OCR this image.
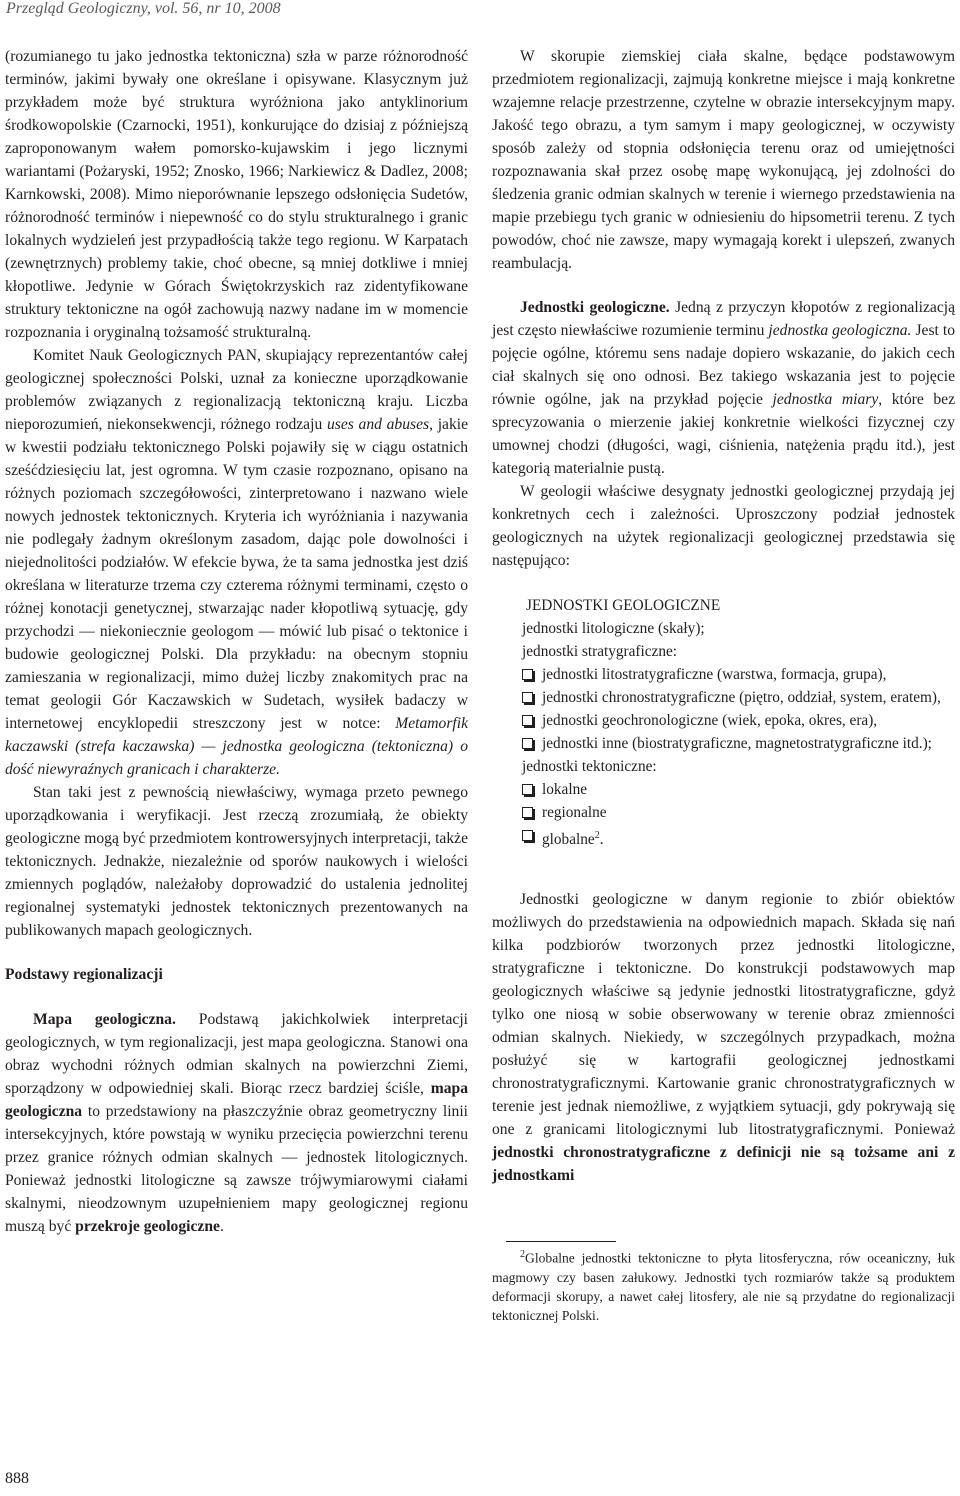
Przegląd Geologiczny, vol. 56, nr 10, 2008

(rozumianego tu jako jednostka tektoniczna) szła w parze różnorodność terminów, jakimi bywały one określane i opisywane. Klasycznym już przykładem może być struktura wyróżniona jako antyklinorium środkowopolskie (Czarnocki, 1951), konkurujące do dzisiaj z późniejszą zaproponowanym wałem pomorsko-kujawskim i jego licznymi wariantami (Pożaryski, 1952; Znosko, 1966; Narkiewicz & Dadlez, 2008; Karnkowski, 2008). Mimo nieporównanie lepszego odsłonięcia Sudetów, różnorodność terminów i niepewność co do stylu strukturalnego i granic lokalnych wydzieleń jest przypadłością także tego regionu. W Karpatach (zewnętrznych) problemy takie, choć obecne, są mniej dotkliwe i mniej kłopotliwe. Jedynie w Górach Świętokrzyskich raz zidentyfikowane struktury tektoniczne na ogół zachowują nazwy nadane im w momencie rozpoznania i oryginalną tożsamość strukturalną.

Komitet Nauk Geologicznych PAN, skupiający reprezentantów całej geologicznej społeczności Polski, uznał za konieczne uporządkowanie problemów związanych z regionalizacją tektoniczną kraju. Liczba nieporozumień, niekonsekwencji, różnego rodzaju uses and abuses, jakie w kwestii podziału tektonicznego Polski pojawiły się w ciągu ostatnich sześćdziesięciu lat, jest ogromna. W tym czasie rozpoznano, opisano na różnych poziomach szczegółowości, zinterpretowano i nazwano wiele nowych jednostek tektonicznych. Kryteria ich wyróżniania i nazywania nie podlegały żadnym określonym zasadom, dając pole dowolności i niejednolitości podziałów. W efekcie bywa, że ta sama jednostka jest dziś określana w literaturze trzema czy czterema różnymi terminami, często o różnej konotacji genetycznej, stwarzając nader kłopotliwą sytuację, gdy przychodzi — niekoniecznie geologom — mówić lub pisać o tektonice i budowie geologicznej Polski. Dla przykładu: na obecnym stopniu zamieszania w regionalizacji, mimo dużej liczby znakomitych prac na temat geologii Gór Kaczawskich w Sudetach, wysiłek badaczy w internetowej encyklopedii streszczony jest w notce: Metamorfik kaczawski (strefa kaczawska) — jednostka geologiczna (tektoniczna) o dość niewyraźnych granicach i charakterze.

Stan taki jest z pewnością niewłaściwy, wymaga przeto pewnego uporządkowania i weryfikacji. Jest rzeczą zrozumiałą, że obiekty geologiczne mogą być przedmiotem kontrowersyjnych interpretacji, także tektonicznych. Jednakże, niezależnie od sporów naukowych i wielości zmiennych poglądów, należałoby doprowadzić do ustalenia jednolitej regionalnej systematyki jednostek tektonicznych prezentowanych na publikowanych mapach geologicznych.

Podstawy regionalizacji

Mapa geologiczna. Podstawą jakichkolwiek interpretacji geologicznych, w tym regionalizacji, jest mapa geologiczna. Stanowi ona obraz wychodni różnych odmian skalnych na powierzchni Ziemi, sporządzony w odpowiedniej skali. Biorąc rzecz bardziej ściśle, mapa geologiczna to przedstawiony na płaszczyźnie obraz geometryczny linii intersekcyjnych, które powstają w wyniku przecięcia powierzchni terenu przez granice różnych odmian skalnych — jednostek litologicznych. Ponieważ jednostki litologiczne są zawsze trójwymiarowymi ciałami skalnymi, nieodzownym uzupełnieniem mapy geologicznej regionu muszą być przekroje geologiczne.

W skorupie ziemskiej ciała skalne, będące podstawowym przedmiotem regionalizacji, zajmują konkretne miejsce i mają konkretne wzajemne relacje przestrzenne, czytelne w obrazie intersekcyjnym mapy. Jakość tego obrazu, a tym samym i mapy geologicznej, w oczywisty sposób zależy od stopnia odsłonięcia terenu oraz od umiejętności rozpoznawania skał przez osobę mapę wykonującą, jej zdolności do śledzenia granic odmian skalnych w terenie i wiernego przedstawienia na mapie przebiegu tych granic w odniesieniu do hipsometrii terenu. Z tych powodów, choć nie zawsze, mapy wymagają korekt i ulepszeń, zwanych reambulacją.

Jednostki geologiczne. Jedną z przyczyn kłopotów z regionalizacją jest często niewłaściwe rozumienie terminu jednostka geologiczna. Jest to pojęcie ogólne, któremu sens nadaje dopiero wskazanie, do jakich cech ciał skalnych się ono odnosi. Bez takiego wskazania jest to pojęcie równie ogólne, jak na przykład pojęcie jednostka miary, które bez sprecyzowania o mierzenie jakiej konkretnie wielkości fizycznej czy umownej chodzi (długości, wagi, ciśnienia, natężenia prądu itd.), jest kategorią materialnie pustą.

W geologii właściwe desygnaty jednostki geologicznej przydają jej konkretnych cech i zależności. Uproszczony podział jednostek geologicznych na użytek regionalizacji geologicznej przedstawia się następująco:

JEDNOSTKI GEOLOGICZNE
jednostki litologiczne (skały);
jednostki stratygraficzne:
jednostki litostratygraficzne (warstwa, formacja, grupa),
jednostki chronostratygraficzne (piętro, oddział, system, eratem),
jednostki geochronologiczne (wiek, epoka, okres, era),
jednostki inne (biostratygraficzne, magnetostratygraficzne itd.);
jednostki tektoniczne:
lokalne
regionalne
globalne$^2$.

Jednostki geologiczne w danym regionie to zbiór obiektów możliwych do przedstawienia na odpowiednich mapach. Składa się nań kilka podzbiorów tworzonych przez jednostki litologiczne, stratygraficzne i tektoniczne. Do konstrukcji podstawowych map geologicznych właściwe są jedynie jednostki litostratygraficzne, gdyż tylko one niosą w sobie obserwowany w terenie obraz zmienności odmian skalnych. Niekiedy, w szczególnych przypadkach, można posłużyć się w kartografii geologicznej jednostkami chronostratygraficznymi. Kartowanie granic chronostratygraficznych w terenie jest jednak niemożliwe, z wyjątkiem sytuacji, gdy pokrywają się one z granicami litologicznymi lub litostratygraficznymi. Ponieważ jednostki chronostratygraficzne z definicji nie są tożsame ani z jednostkami

$^2$Globalne jednostki tektoniczne to płyta litosferyczna, rów oceaniczny, łuk magmowy czy basen załukowy. Jednostki tych rozmiarów także są produktem deformacji skorupy, a nawet całej litosfery, ale nie są przydatne do regionalizacji tektonicznej Polski.

888
